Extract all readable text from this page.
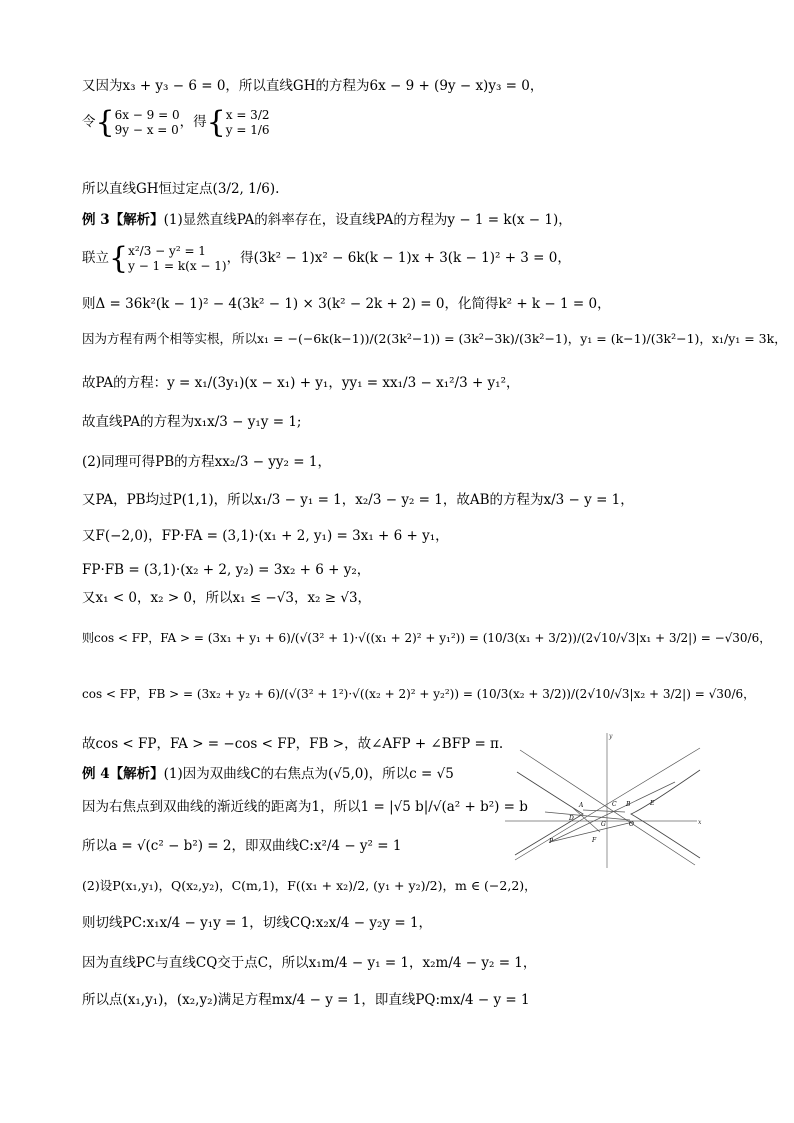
又因为x₃ + y₃ − 6 = 0，所以直线GH的方程为6x − 9 + (9y − x)y₃ = 0，
令 { 6x − 9 = 0
9y − x = 0 ，得 { x = 3/2
y = 1/6
所以直线GH恒过定点(3/2, 1/6).
例 3【解析】(1)显然直线PA的斜率存在，设直线PA的方程为y − 1 = k(x − 1)，
联立 { x²/3 − y² = 1
y − 1 = k(x − 1) ，得(3k² − 1)x² − 6k(k − 1)x + 3(k − 1)² + 3 = 0，
则Δ = 36k²(k − 1)² − 4(3k² − 1) × 3(k² − 2k + 2) = 0，化简得k² + k − 1 = 0，
因为方程有两个相等实根，所以x₁ = −(−6k(k−1))/(2(3k²−1)) = (3k²−3k)/(3k²−1)，y₁ = (k−1)/(3k²−1)，x₁/y₁ = 3k，
故PA的方程：y = x₁/(3y₁)(x − x₁) + y₁，yy₁ = xx₁/3 − x₁²/3 + y₁²，
故直线PA的方程为x₁x/3 − y₁y = 1;
(2)同理可得PB的方程xx₂/3 − yy₂ = 1，
又PA，PB均过P(1,1)，所以x₁/3 − y₁ = 1，x₂/3 − y₂ = 1，故AB的方程为x/3 − y = 1，
又F(−2,0)，FP·FA = (3,1)·(x₁ + 2, y₁) = 3x₁ + 6 + y₁，
FP·FB = (3,1)·(x₂ + 2, y₂) = 3x₂ + 6 + y₂，
又x₁ < 0，x₂ > 0，所以x₁ ≤ −√3，x₂ ≥ √3，
则cos < FP，FA > = (3x₁ + y₁ + 6)/(√(3² + 1)·√((x₁ + 2)² + y₁²)) = (10/3(x₁ + 3/2))/(2√10/√3|x₁ + 3/2|) = −√30/6，
cos < FP，FB > = (3x₂ + y₂ + 6)/(√(3² + 1²)·√((x₂ + 2)² + y₂²)) = (10/3(x₂ + 3/2))/(2√10/√3|x₂ + 3/2|) = √30/6，
故cos < FP，FA > = −cos < FP，FB >，故∠AFP + ∠BFP = π.
例 4【解析】(1)因为双曲线C的右焦点为(√5,0)，所以c = √5
因为右焦点到双曲线的渐近线的距离为1，所以1 = |√5 b|/√(a² + b²) = b
所以a = √(c² − b²) = 2，即双曲线C:x²/4 − y² = 1
(2)设P(x₁,y₁)，Q(x₂,y₂)，C(m,1)，F((x₁ + x₂)/2, (y₁ + y₂)/2)，m ∈ (−2,2)，
则切线PC:x₁x/4 − y₁y = 1，切线CQ:x₂x/4 − y₂y = 1，
因为直线PC与直线CQ交于点C，所以x₁m/4 − y₁ = 1，x₂m/4 − y₂ = 1，
所以点(x₁,y₁)，(x₂,y₂)满足方程mx/4 − y = 1，即直线PQ:mx/4 − y = 1
x
y
A	C B	E
D
G	O
F
P
